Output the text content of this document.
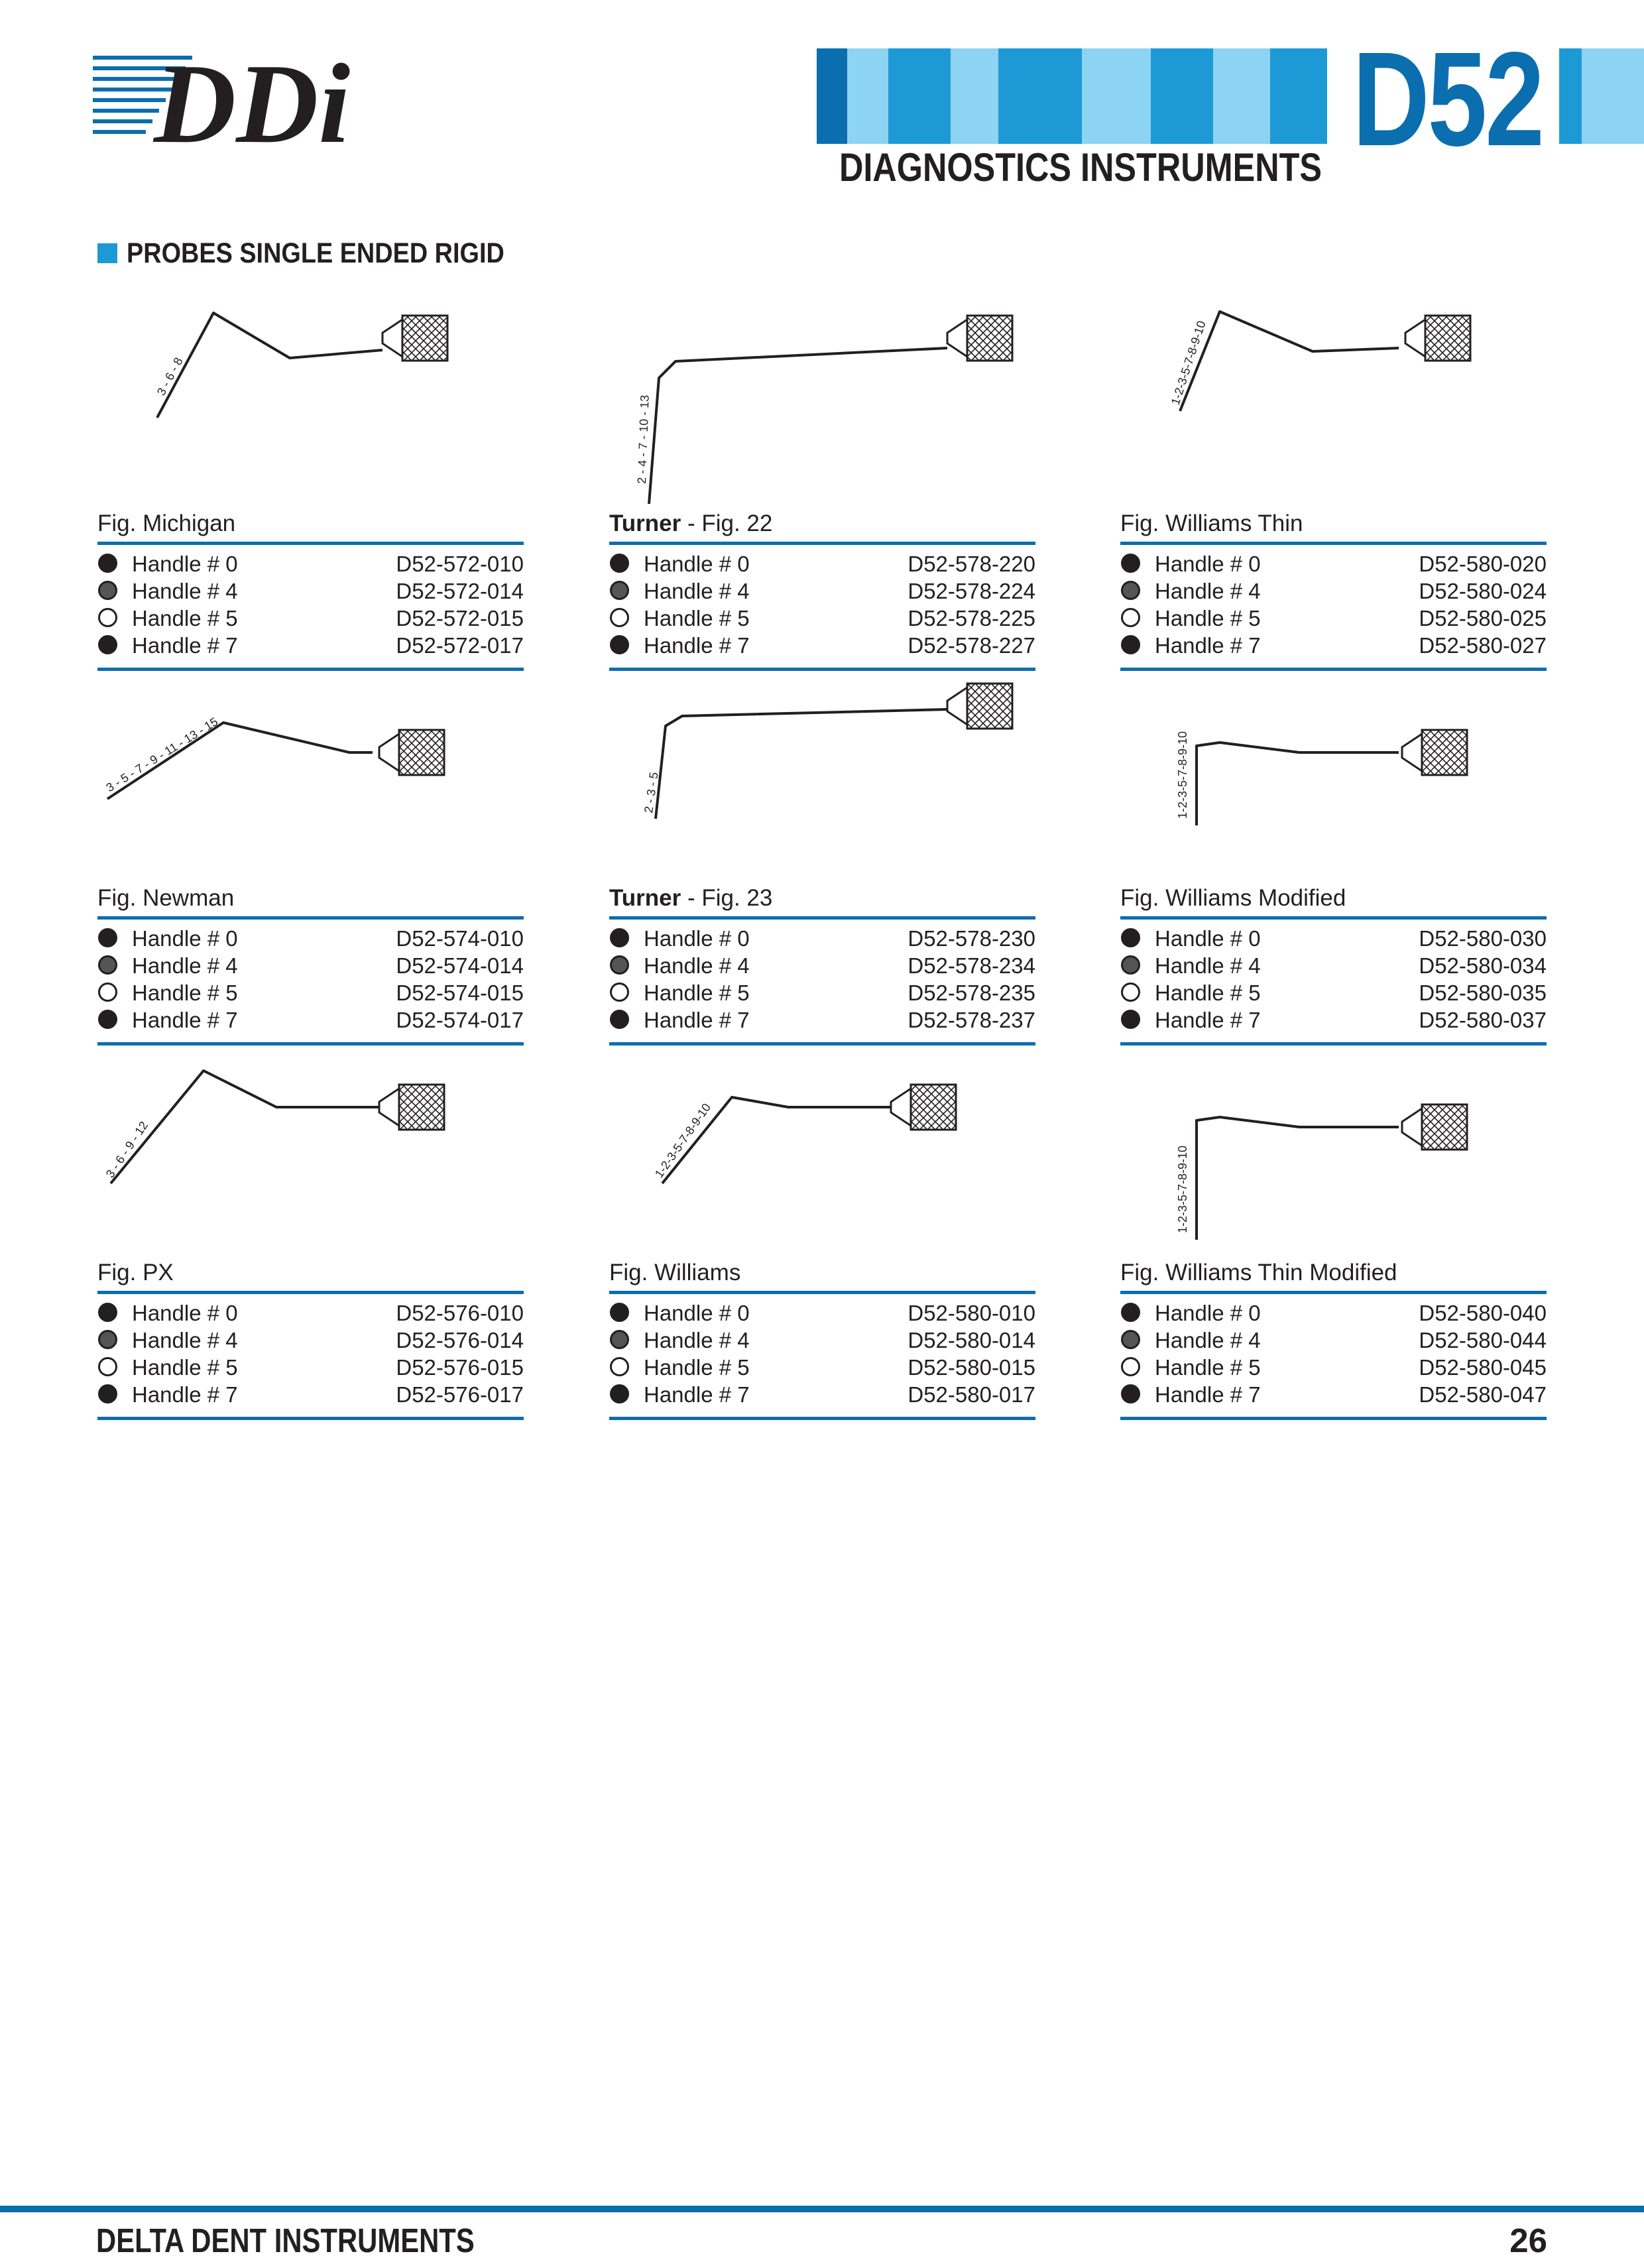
DDi	D52
DIAGNOSTICS INSTRUMENTS
PROBES SINGLE ENDED RIGID
3 - 6 - 8
Fig. Michigan
Handle # 0	D52-572-010
Handle # 4	D52-572-014
Handle # 5	D52-572-015
Handle # 7	D52-572-017
2 - 4 - 7 - 10 - 13
Turner - Fig. 22
Handle # 0	D52-578-220
Handle # 4	D52-578-224
Handle # 5	D52-578-225
Handle # 7	D52-578-227
1-2-3-5-7-8-9-10
Fig. Williams Thin
Handle # 0	D52-580-020
Handle # 4	D52-580-024
Handle # 5	D52-580-025
Handle # 7	D52-580-027
3 - 5 - 7 - 9 - 11 - 13 - 15
Fig. Newman
Handle # 0	D52-574-010
Handle # 4	D52-574-014
Handle # 5	D52-574-015
Handle # 7	D52-574-017
2 - 3 - 5
Turner - Fig. 23
Handle # 0	D52-578-230
Handle # 4	D52-578-234
Handle # 5	D52-578-235
Handle # 7	D52-578-237
1-2-3-5-7-8-9-10
Fig. Williams Modified
Handle # 0	D52-580-030
Handle # 4	D52-580-034
Handle # 5	D52-580-035
Handle # 7	D52-580-037
3 - 6 - 9 - 12
Fig. PX
Handle # 0	D52-576-010
Handle # 4	D52-576-014
Handle # 5	D52-576-015
Handle # 7	D52-576-017
1-2-3-5-7-8-9-10
Fig. Williams
Handle # 0	D52-580-010
Handle # 4	D52-580-014
Handle # 5	D52-580-015
Handle # 7	D52-580-017
1-2-3-5-7-8-9-10
Fig. Williams Thin Modified
Handle # 0	D52-580-040
Handle # 4	D52-580-044
Handle # 5	D52-580-045
Handle # 7	D52-580-047
DELTA DENT INSTRUMENTS	26
